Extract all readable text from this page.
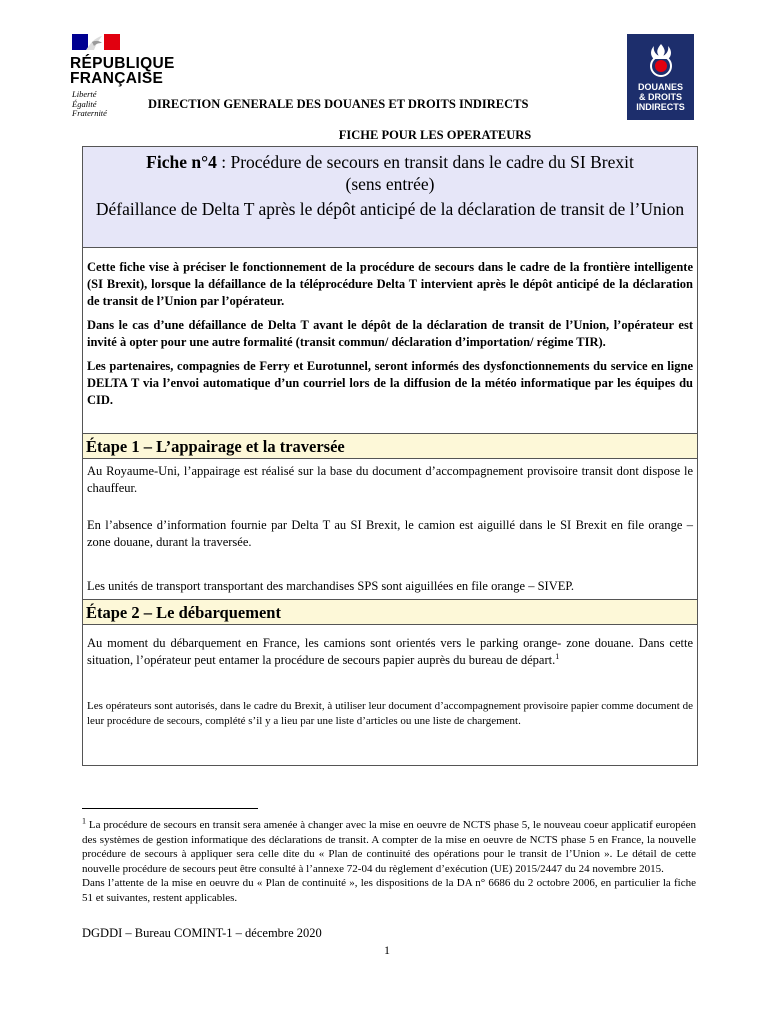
RÉPUBLIQUE
FRANÇAISE
Liberté
Égalité
Fraternité
DOUANES
& DROITS
INDIRECTS
DIRECTION GENERALE DES DOUANES ET DROITS INDIRECTS
FICHE POUR LES OPERATEURS
Fiche n°4 : Procédure de secours en transit dans le cadre du SI Brexit
(sens entrée)
Défaillance de Delta T après le dépôt anticipé de la déclaration de transit de l’Union

Cette fiche vise à préciser le fonctionnement de la procédure de secours dans le cadre de la frontière intelligente (SI Brexit), lorsque la défaillance de la téléprocédure Delta T intervient après le dépôt anticipé de la déclaration de transit de l’Union par l’opérateur.

Dans le cas d’une défaillance de Delta T avant le dépôt de la déclaration de transit de l’Union, l’opérateur est invité à opter pour une autre formalité (transit commun/ déclaration d’importation/ régime TIR).

Les partenaires, compagnies de Ferry et Eurotunnel, seront informés des dysfonctionnements du service en ligne DELTA T via l’envoi automatique d’un courriel lors de la diffusion de la météo informatique par les équipes du CID.

Étape 1 – L’appairage et la traversée
Au Royaume-Uni, l’appairage est réalisé sur la base du document d’accompagnement provisoire transit dont dispose le chauffeur.
En l’absence d’information fournie par Delta T au SI Brexit, le camion est aiguillé dans le SI Brexit en file orange – zone douane, durant la traversée.
Les unités de transport transportant des marchandises SPS sont aiguillées en file orange – SIVEP.
Étape 2 – Le débarquement
Au moment du débarquement en France, les camions sont orientés vers le parking orange- zone douane. Dans cette situation, l’opérateur peut entamer la procédure de secours papier auprès du bureau de départ.$^1$
Les opérateurs sont autorisés, dans le cadre du Brexit, à utiliser leur document d’accompagnement provisoire papier comme document de leur procédure de secours, complété s’il y a lieu par une liste d’articles ou une liste de chargement.

$^1$ La procédure de secours en transit sera amenée à changer avec la mise en oeuvre de NCTS phase 5, le nouveau coeur applicatif européen des systèmes de gestion informatique des déclarations de transit. A compter de la mise en oeuvre de NCTS phase 5 en France, la nouvelle procédure de secours à appliquer sera celle dite du « Plan de continuité des opérations pour le transit de l’Union ». Le détail de cette nouvelle procédure de secours peut être consulté à l’annexe 72-04 du règlement d’exécution (UE) 2015/2447 du 24 novembre 2015.

Dans l’attente de la mise en oeuvre du « Plan de continuité », les dispositions de la DA n° 6686 du 2 octobre 2006, en particulier la fiche 51 et suivantes, restent applicables.

DGDDI – Bureau COMINT-1 – décembre 2020
1
